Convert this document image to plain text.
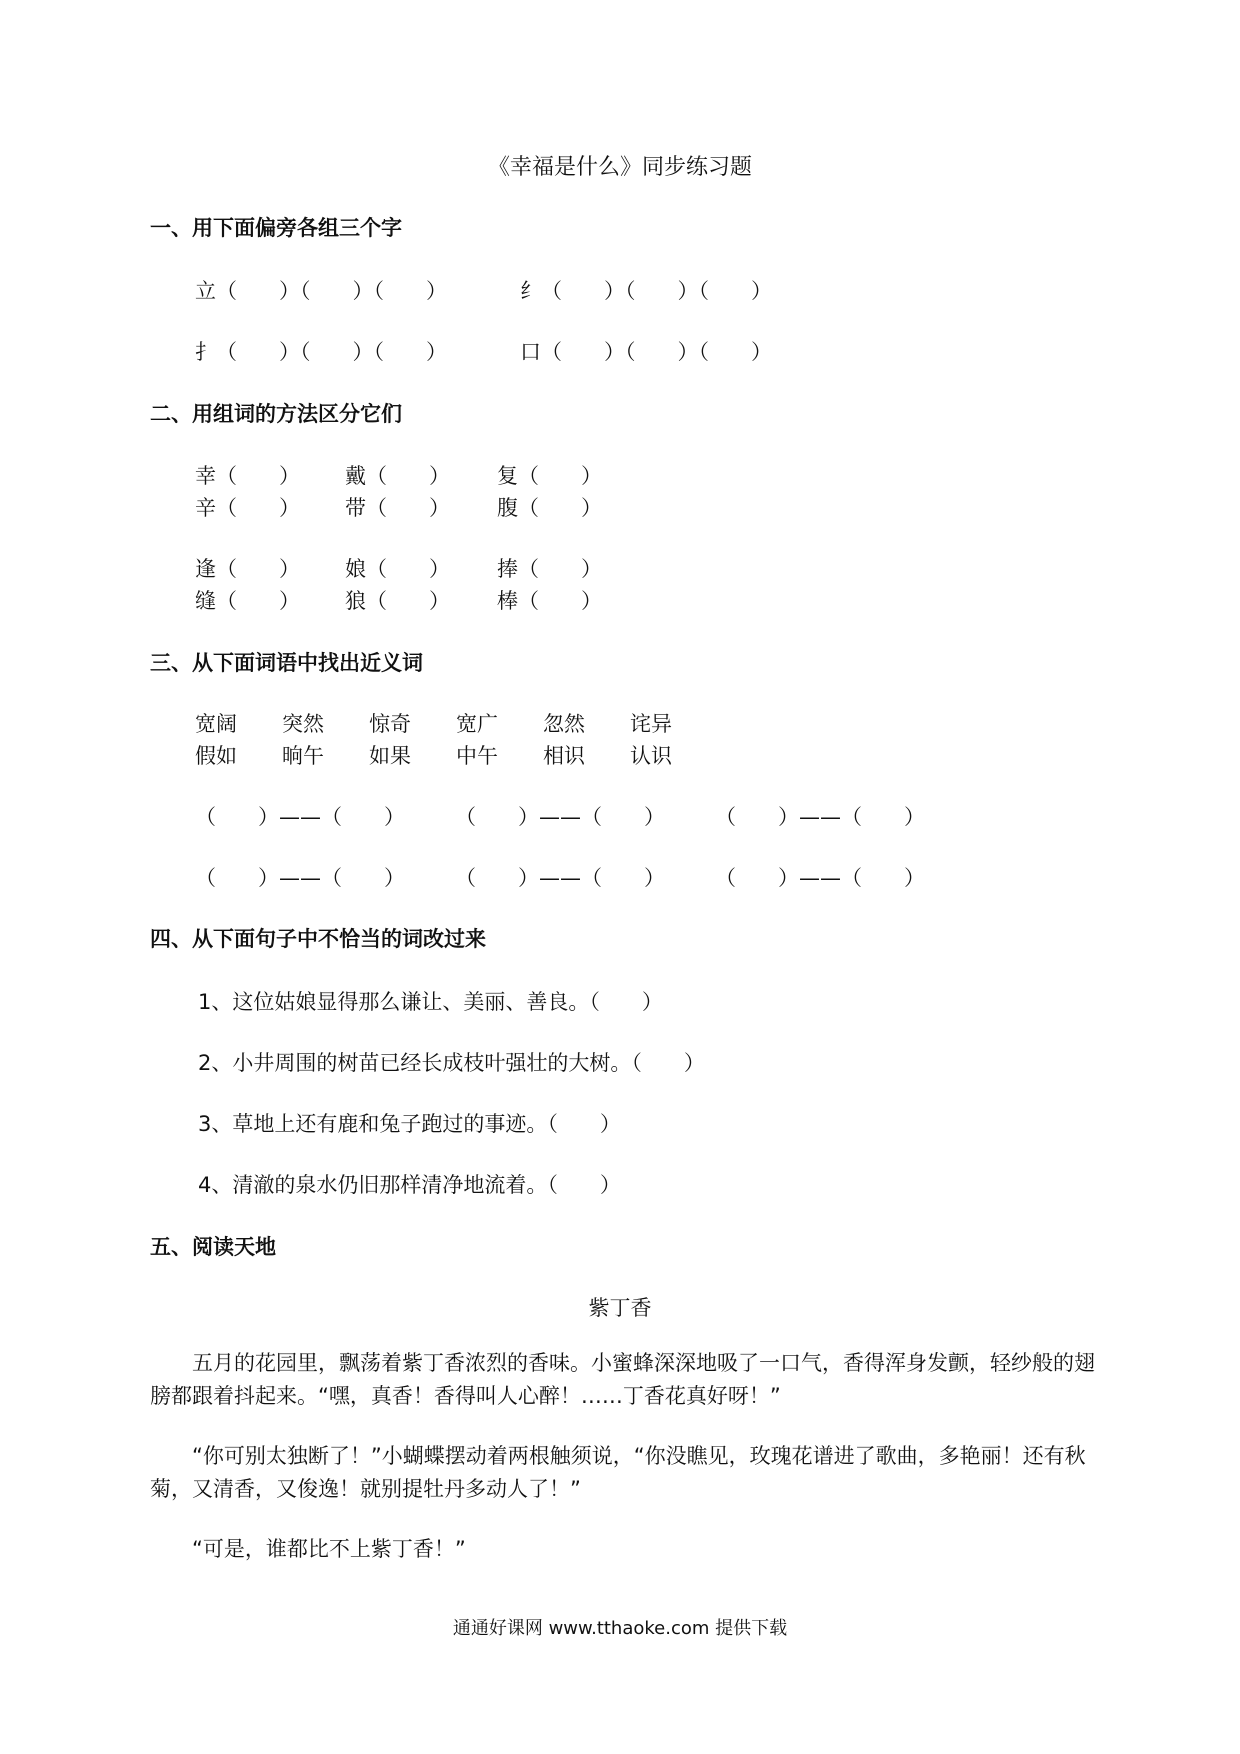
《幸福是什么》同步练习题
一、用下面偏旁各组三个字
立（　　）（　　）（　　）	纟（　　）（　　）（　　）
扌（　　）（　　）（　　）	口（　　）（　　）（　　）
二、用组词的方法区分它们
幸（　　） 戴（　　） 复（　　）
辛（　　） 带（　　） 腹（　　）
逢（　　） 娘（　　） 捧（　　）
缝（　　） 狼（　　） 棒（　　）
三、从下面词语中找出近义词
宽阔 突然 惊奇 宽广 忽然 诧异
假如 晌午 如果 中午 相识 认识
（　　）——（　　） （　　）——（　　） （　　）——（　　）
（　　）——（　　） （　　）——（　　） （　　）——（　　）
四、从下面句子中不恰当的词改过来
1、这位姑娘显得那么谦让、美丽、善良。（　　）
2、小井周围的树苗已经长成枝叶强壮的大树。（　　）
3、草地上还有鹿和兔子跑过的事迹。（　　）
4、清澈的泉水仍旧那样清净地流着。（　　）
五、阅读天地
紫丁香
五月的花园里，飘荡着紫丁香浓烈的香味。小蜜蜂深深地吸了一口气，香得浑身发颤，轻纱般的翅膀都跟着抖起来。“嘿，真香！香得叫人心醉！……丁香花真好呀！”
“你可别太独断了！”小蝴蝶摆动着两根触须说，“你没瞧见，玫瑰花谱进了歌曲，多艳丽！还有秋菊，又清香，又俊逸！就别提牡丹多动人了！”
“可是，谁都比不上紫丁香！”
通通好课网 www.tthaoke.com 提供下载
